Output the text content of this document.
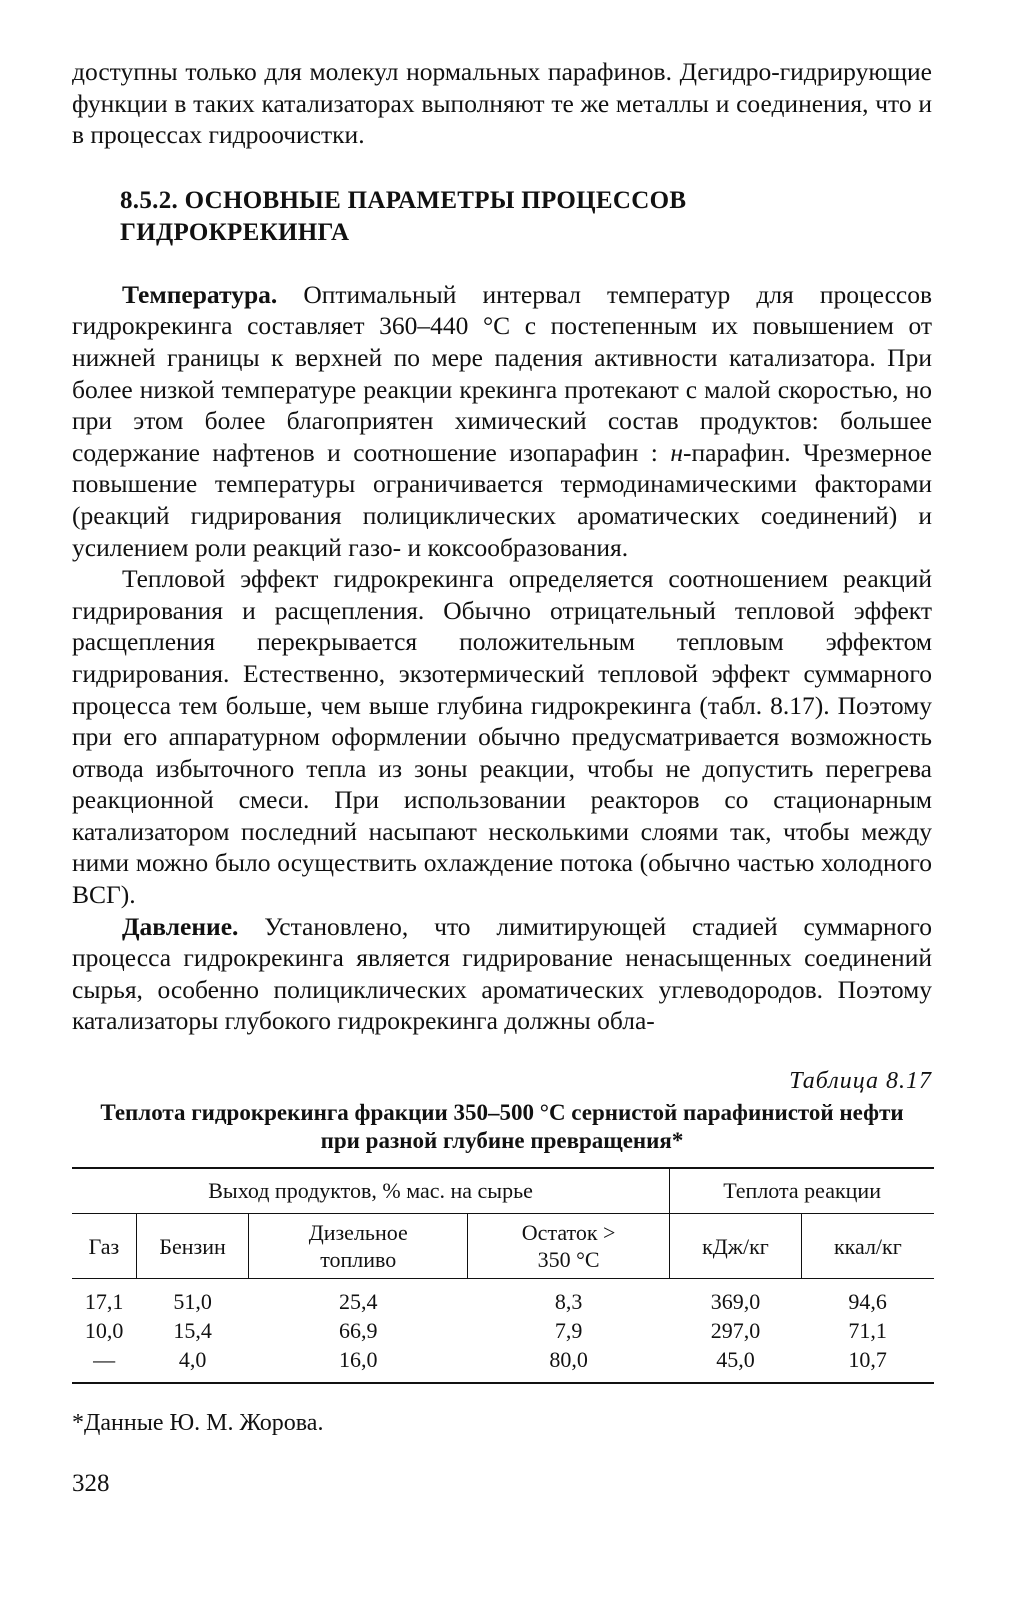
доступны только для молекул нормальных парафинов. Дегидро-гидрирующие функции в таких катализаторах выполняют те же металлы и соединения, что и в процессах гидроочистки.

8.5.2. ОСНОВНЫЕ ПАРАМЕТРЫ ПРОЦЕССОВ
ГИДРОКРЕКИНГА

Температура. Оптимальный интервал температур для процессов гидрокрекинга составляет 360–440 °С с постепенным их повышением от нижней границы к верхней по мере падения активности катализатора. При более низкой температуре реакции крекинга протекают с малой скоростью, но при этом более благоприятен химический состав продуктов: большее содержание нафтенов и соотношение изопарафин : н-парафин. Чрезмерное повышение температуры ограничивается термодинамическими факторами (реакций гидрирования полициклических ароматических соединений) и усилением роли реакций газо- и коксообразования.

Тепловой эффект гидрокрекинга определяется соотношением реакций гидрирования и расщепления. Обычно отрицательный тепловой эффект расщепления перекрывается положительным тепловым эффектом гидрирования. Естественно, экзотермический тепловой эффект суммарного процесса тем больше, чем выше глубина гидрокрекинга (табл. 8.17). Поэтому при его аппаратурном оформлении обычно предусматривается возможность отвода избыточного тепла из зоны реакции, чтобы не допустить перегрева реакционной смеси. При использовании реакторов со стационарным катализатором последний насыпают несколькими слоями так, чтобы между ними можно было осуществить охлаждение потока (обычно частью холодного ВСГ).

Давление. Установлено, что лимитирующей стадией суммарного процесса гидрокрекинга является гидрирование ненасыщенных соединений сырья, особенно полициклических ароматических углеводородов. Поэтому катализаторы глубокого гидрокрекинга должны обла-

Таблица 8.17
Теплота гидрокрекинга фракции 350–500 °С сернистой парафинистой нефти
при разной глубине превращения*
Выход продуктов, % мас. на сырье				Теплота реакции	
Газ	Бензин	Дизельное топливо	Остаток > 350 °С	кДж/кг	ккал/кг
17,1	51,0	25,4	8,3	369,0	94,6
10,0	15,4	66,9	7,9	297,0	71,1
—	4,0	16,0	80,0	45,0	10,7
*Данные Ю. М. Жорова.
328
